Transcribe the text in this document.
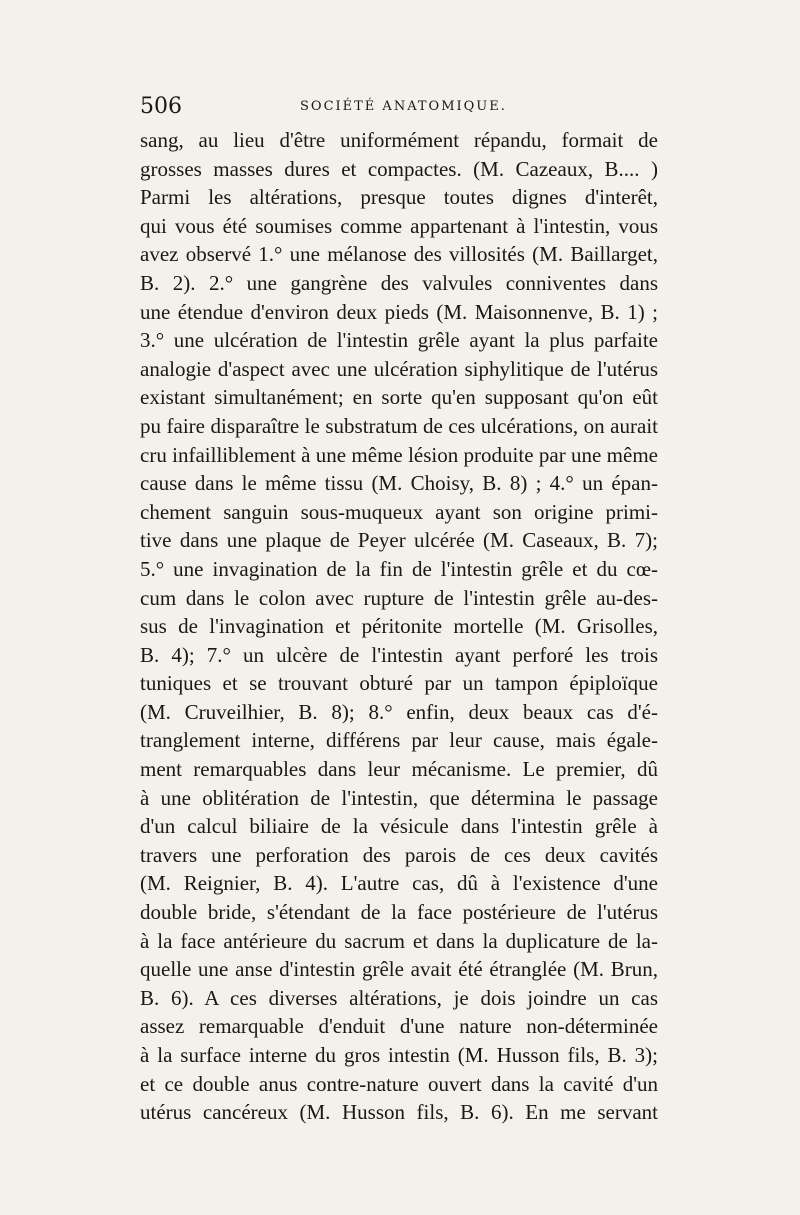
506	SOCIÉTÉ ANATOMIQUE.
sang, au lieu d'être uniformément répandu, formait de
grosses masses dures et compactes. (M. Cazeaux, B.... )
Parmi les altérations, presque toutes dignes d'interêt,
qui vous été soumises comme appartenant à l'intestin, vous
avez observé 1.° une mélanose des villosités (M. Baillarget,
B. 2). 2.° une gangrène des valvules conniventes dans
une étendue d'environ deux pieds (M. Maisonnenve, B. 1) ;
3.° une ulcération de l'intestin grêle ayant la plus parfaite
analogie d'aspect avec une ulcération siphylitique de l'utérus
existant simultanément; en sorte qu'en supposant qu'on eût
pu faire disparaître le substratum de ces ulcérations, on aurait
cru infailliblement à une même lésion produite par une même
cause dans le même tissu (M. Choisy, B. 8) ; 4.° un épan-
chement sanguin sous-muqueux ayant son origine primi-
tive dans une plaque de Peyer ulcérée (M. Caseaux, B. 7);
5.° une invagination de la fin de l'intestin grêle et du cœ-
cum dans le colon avec rupture de l'intestin grêle au-des-
sus de l'invagination et péritonite mortelle (M. Grisolles,
B. 4); 7.° un ulcère de l'intestin ayant perforé les trois
tuniques et se trouvant obturé par un tampon épiploïque
(M. Cruveilhier, B. 8); 8.° enfin, deux beaux cas d'é-
tranglement interne, différens par leur cause, mais égale-
ment remarquables dans leur mécanisme. Le premier, dû
à une oblitération de l'intestin, que détermina le passage
d'un calcul biliaire de la vésicule dans l'intestin grêle à
travers une perforation des parois de ces deux cavités
(M. Reignier, B. 4). L'autre cas, dû à l'existence d'une
double bride, s'étendant de la face postérieure de l'utérus
à la face antérieure du sacrum et dans la duplicature de la-
quelle une anse d'intestin grêle avait été étranglée (M. Brun,
B. 6). A ces diverses altérations, je dois joindre un cas
assez remarquable d'enduit d'une nature non-déterminée
à la surface interne du gros intestin (M. Husson fils, B. 3);
et ce double anus contre-nature ouvert dans la cavité d'un
utérus cancéreux (M. Husson fils, B. 6). En me servant
